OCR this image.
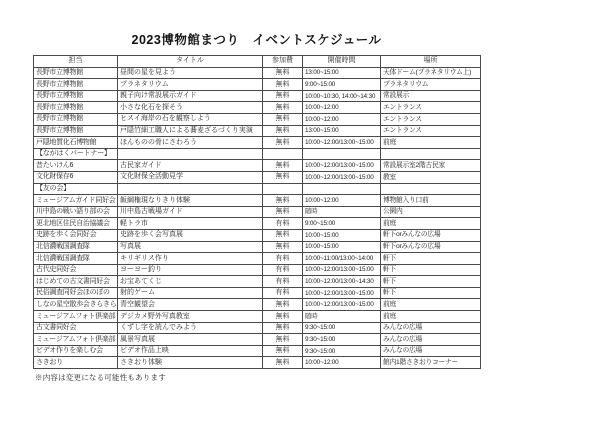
2023博物館まつり　イベントスケジュール
担当	タイトル	参加費	開催時間	場所
長野市立博物館	昼間の星を見よう	無料	13:00~15:00	天体ドーム(プラネタリウム上)
長野市立博物館	プラネタリウム	無料	9:00~15:00	プラネタリウム
長野市立博物館	親子向け常設展示ガイド	無料	10:00~10:30, 14:00~14:30	常設展示
長野市立博物館	小さな化石を探そう	無料	10:00~12:00	エントランス
長野市立博物館	ヒスイ海岸の石を観察しよう	無料	10:00~12:00	エントランス
長野市立博物館	戸隠竹細工職人による蕎麦ざるづくり実演	無料	13:00~15:00	エントランス
戸隠地質化石博物館	ほんものの骨にさわろう	無料	10:00~12:00/13:00~15:00	前庭
【ながはくパートナー】				
昔たいけん6	古民家ガイド	無料	10:00~12:00/13:00~15:00	常設展示室2階古民家
文化財保存6	文化財保全活動見学	無料	10:00~12:00/13:00~15:00	教室
【友の会】				
ミュージアムガイド同好会	飯綱権現なりきり体験	無料	10:00~12:00	博物館入り口前
川中島の戦い語り部の会	川中島古戦場ガイド	無料	随時	公園内
更北地区住民自治協議会	軽トラ市	有料	9:00~15:00	前庭
史跡を歩く会同好会	史跡を歩く会写真展	無料	10:00~15:00	軒下orみんなの広場
北信濃戦国調査隊	写真展	無料	10:00~15:00	軒下orみんなの広場
北信濃戦国調査隊	キリギリス作り	有料	10:00~11:00/13:00~14:00	軒下
古代史同好会	ヨーヨー釣り	有料	10:00~12:00/13:00~15:00	軒下
はじめての古文書同好会	お宝あてくじ	有料	10:00~12:00/13:00~14:30	軒下
民俗調査同好会ほのぼの	射的ゲーム	有料	10:00~12:00/13:00~15:00	軒下
しなの星空散歩会きらきら	青空観望会	無料	10:00~12:00/13:00~15:00	前庭
ミュージアムフォト倶楽部	デジカメ野外写真教室	無料	随時	前庭
古文書同好会	くずし字を読んでみよう	無料	9:30~15:00	みんなの広場
ミュージアムフォト倶楽部	風景写真展	無料	9:30~15:00	みんなの広場
ビデオ作りを楽しむ会	ビデオ作品上映	無料	9:30~15:00	みんなの広場
さきおり	さきおり体験	無料	10:00~12:00	館内1階さきおりコーナー
※内容は変更になる可能性もあります
